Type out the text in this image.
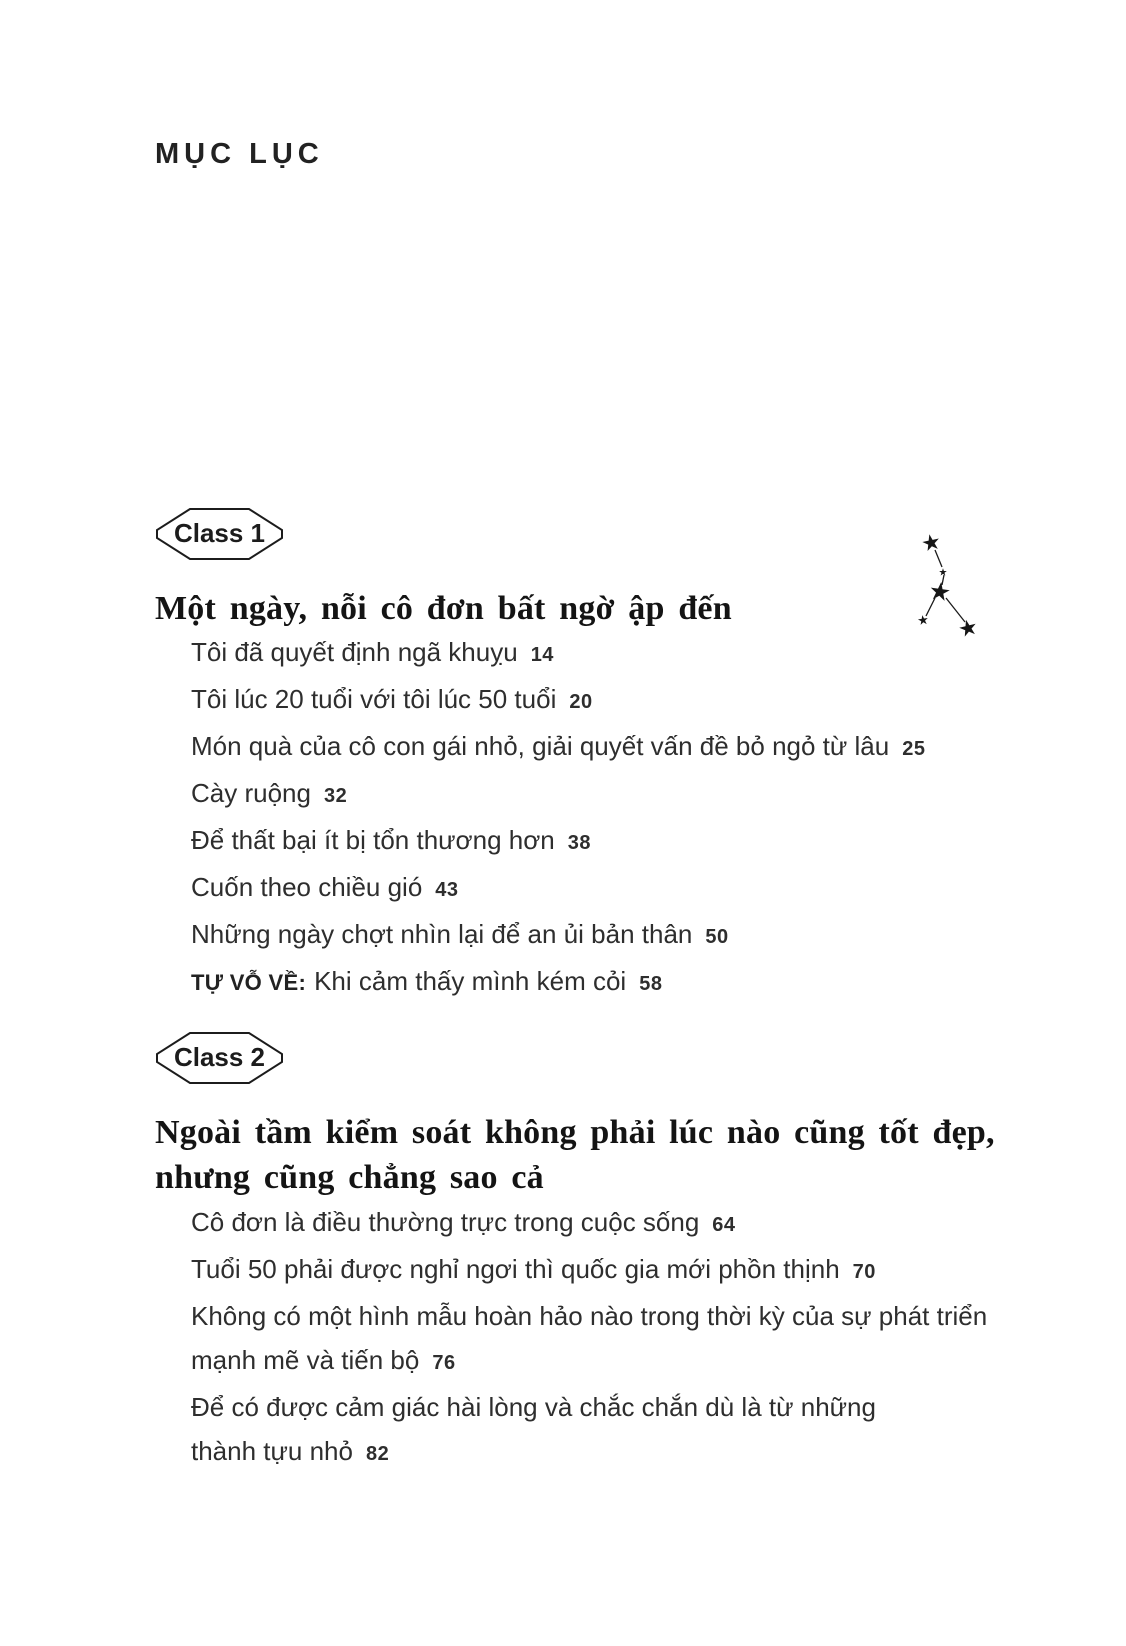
MỤC LỤC
★
★
★
★ ★
Class 1
Một ngày, nỗi cô đơn bất ngờ ập đến
Tôi đã quyết định ngã khuỵu 14
Tôi lúc 20 tuổi với tôi lúc 50 tuổi 20
Món quà của cô con gái nhỏ, giải quyết vấn đề bỏ ngỏ từ lâu 25
Cày ruộng 32
Để thất bại ít bị tổn thương hơn 38
Cuốn theo chiều gió 43
Những ngày chợt nhìn lại để an ủi bản thân 50
TỰ VỖ VỀ: Khi cảm thấy mình kém cỏi 58
Class 2
Ngoài tầm kiểm soát không phải lúc nào cũng tốt đẹp,
nhưng cũng chẳng sao cả
Cô đơn là điều thường trực trong cuộc sống 64
Tuổi 50 phải được nghỉ ngơi thì quốc gia mới phồn thịnh 70
Không có một hình mẫu hoàn hảo nào trong thời kỳ của sự phát triển
mạnh mẽ và tiến bộ 76
Để có được cảm giác hài lòng và chắc chắn dù là từ những
thành tựu nhỏ 82
